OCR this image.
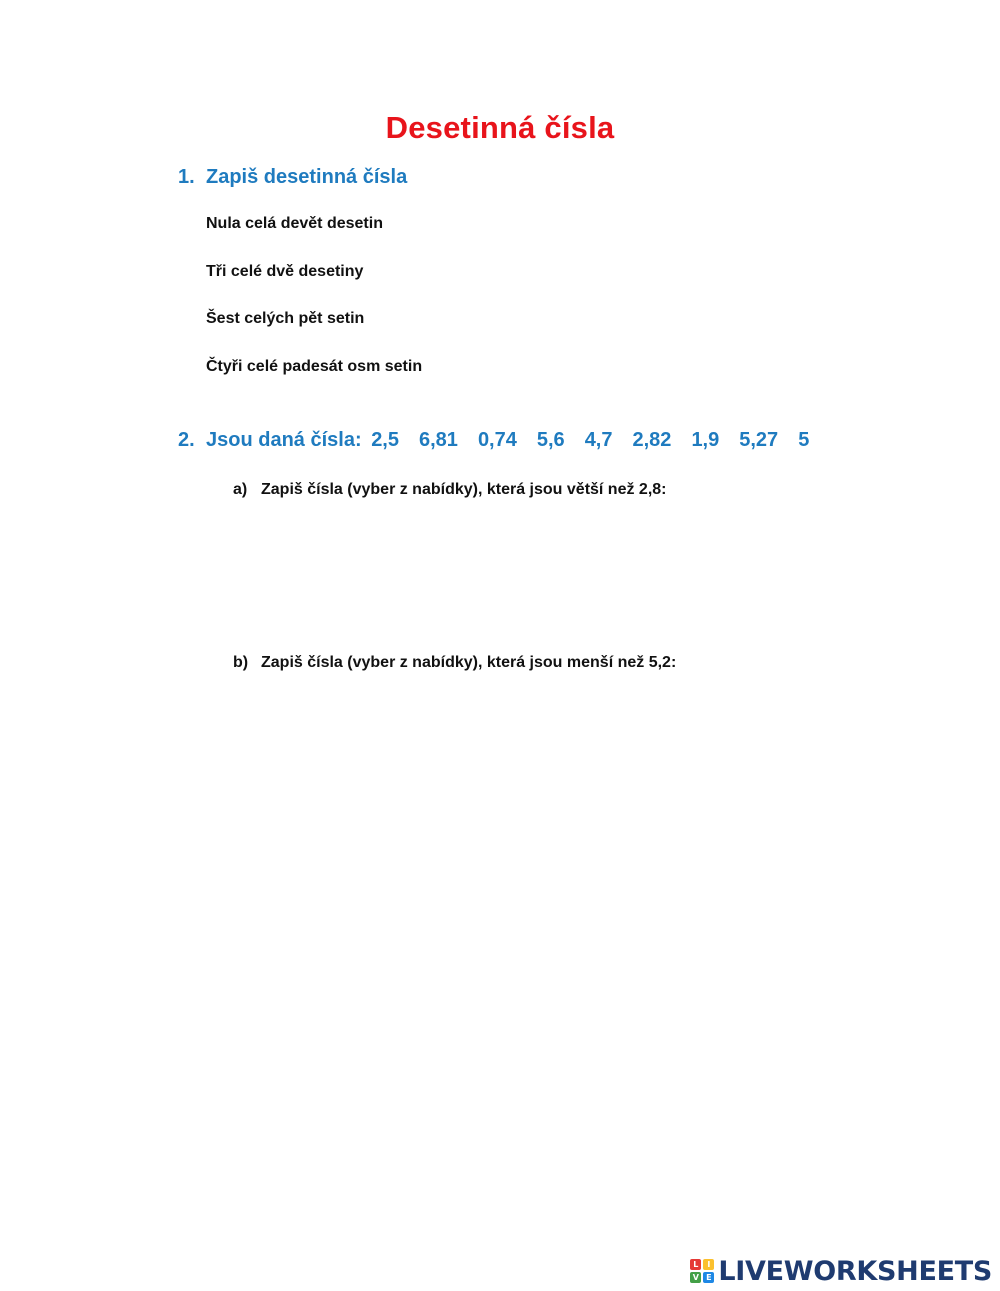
Desetinná čísla
1. Zapiš desetinná čísla
Nula celá devět desetin
Tři celé dvě desetiny
Šest celých pět setin
Čtyři celé padesát osm setin
2. Jsou daná čísla: 2,5 6,81 0,74 5,6 4,7 2,82 1,9 5,27 5
a) Zapiš čísla (vyber z nabídky), která jsou větší než 2,8:
b) Zapiš čísla (vyber z nabídky), která jsou menší než 5,2:
L	I
V E LIVEWORKSHEETS
